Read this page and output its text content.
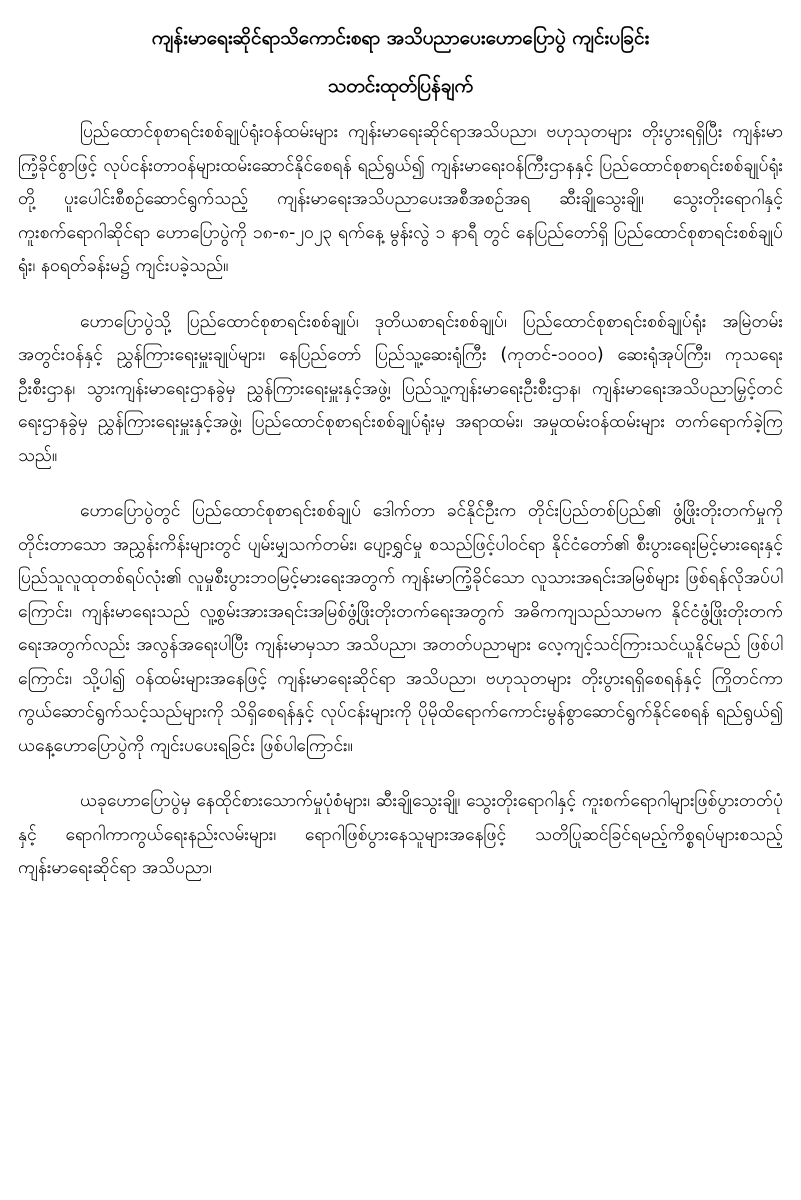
ကျန်းမာရေးဆိုင်ရာသိကောင်းစရာ အသိပညာပေးဟောပြောပွဲ ကျင်းပခြင်း
သတင်းထုတ်ပြန်ချက်

ပြည်ထောင်စုစာရင်းစစ်ချုပ်ရုံးဝန်ထမ်းများ ကျန်းမာရေးဆိုင်ရာအသိပညာ၊ ဗဟုသုတများ တိုးပွားရရှိပြီး ကျန်းမာကြံ့ခိုင်စွာဖြင့် လုပ်ငန်းတာဝန်များထမ်းဆောင်နိုင်စေရန် ရည်ရွယ်၍ ကျန်းမာရေးဝန်ကြီးဌာနနှင့် ပြည်ထောင်စုစာရင်းစစ်ချုပ်ရုံးတို့ ပူးပေါင်းစီစဉ်ဆောင်ရွက်သည့် ကျန်းမာရေးအသိပညာပေးအစီအစဉ်အရ ဆီးချိုသွေးချို၊ သွေးတိုးရောဂါနှင့် ကူးစက်ရောဂါဆိုင်ရာ ဟောပြောပွဲကို ၁၈-၈-၂၀၂၃ ရက်နေ့ မွန်းလွဲ ၁ နာရီ တွင် နေပြည်တော်ရှိ ပြည်ထောင်စုစာရင်းစစ်ချုပ်ရုံး၊ နဝရတ်ခန်းမ၌ ကျင်းပခဲ့သည်။

ဟောပြောပွဲသို့ ပြည်ထောင်စုစာရင်းစစ်ချုပ်၊ ဒုတိယစာရင်းစစ်ချုပ်၊ ပြည်ထောင်စုစာရင်းစစ်ချုပ်ရုံး အမြဲတမ်းအတွင်းဝန်နှင့် ညွှန်ကြားရေးမှူးချုပ်များ၊ နေပြည်တော် ပြည်သူ့ဆေးရုံကြီး (ကုတင်-၁၀၀၀) ဆေးရုံအုပ်ကြီး၊ ကုသရေးဦးစီးဌာန၊ သွားကျန်းမာရေးဌာနခွဲမှ ညွှန်ကြားရေးမှူးနှင့်အဖွဲ့၊ ပြည်သူ့ကျန်းမာရေးဦးစီးဌာန၊ ကျန်းမာရေးအသိပညာမြှင့်တင်ရေးဌာနခွဲမှ ညွှန်ကြားရေးမှူးနှင့်အဖွဲ့၊ ပြည်ထောင်စုစာရင်းစစ်ချုပ်ရုံးမှ အရာထမ်း၊ အမှုထမ်းဝန်ထမ်းများ တက်ရောက်ခဲ့ကြသည်။

ဟောပြောပွဲတွင် ပြည်ထောင်စုစာရင်းစစ်ချုပ် ဒေါက်တာ ခင်နိုင်ဦးက တိုင်းပြည်တစ်ပြည်၏ ဖွံ့ဖြိုးတိုးတက်မှုကိုတိုင်းတာသော အညွှန်းကိန်းများတွင် ပျမ်းမျှသက်တမ်း၊ ပျော့ရွှင်မှု စသည်ဖြင့်ပါဝင်ရာ နိုင်ငံတော်၏ စီးပွားရေးမြင့်မားရေးနှင့် ပြည်သူလူထုတစ်ရပ်လုံး၏ လူမှုစီးပွားဘဝမြင့်မားရေးအတွက် ကျန်းမာကြံ့ခိုင်သော လူသားအရင်းအမြစ်များ ဖြစ်ရန်လိုအပ်ပါကြောင်း၊ ကျန်းမာရေးသည် လူ့စွမ်းအားအရင်းအမြစ်ဖွံ့ဖြိုးတိုးတက်ရေးအတွက် အဓိကကျသည်သာမက နိုင်ငံဖွံ့ဖြိုးတိုးတက်ရေးအတွက်လည်း အလွန်အရေးပါပြီး ကျန်းမာမှသာ အသိပညာ၊ အတတ်ပညာများ လေ့ကျင့်သင်ကြားသင်ယူနိုင်မည် ဖြစ်ပါကြောင်း၊ သို့ပါ၍ ဝန်ထမ်းများအနေဖြင့် ကျန်းမာရေးဆိုင်ရာ အသိပညာ၊ ဗဟုသုတများ တိုးပွားရရှိစေရန်နှင့် ကြိုတင်ကာကွယ်ဆောင်ရွက်သင့်သည်များကို သိရှိစေရန်နှင့် လုပ်ငန်းများကို ပိုမိုထိရောက်ကောင်းမွန်စွာဆောင်ရွက်နိုင်စေရန် ရည်ရွယ်၍ ယနေ့ဟောပြောပွဲကို ကျင်းပပေးရခြင်း ဖြစ်ပါကြောင်း။

ယခုဟောပြောပွဲမှ နေထိုင်စားသောက်မှုပုံစံများ၊ ဆီးချိုသွေးချို၊ သွေးတိုးရောဂါနှင့် ကူးစက်ရောဂါများဖြစ်ပွားတတ်ပုံနှင့် ရောဂါကာကွယ်ရေးနည်းလမ်းများ၊ ရောဂါဖြစ်ပွားနေသူများအနေဖြင့် သတိပြုဆင်ခြင်ရမည့်ကိစ္စရပ်များစသည့် ကျန်းမာရေးဆိုင်ရာ အသိပညာ၊
